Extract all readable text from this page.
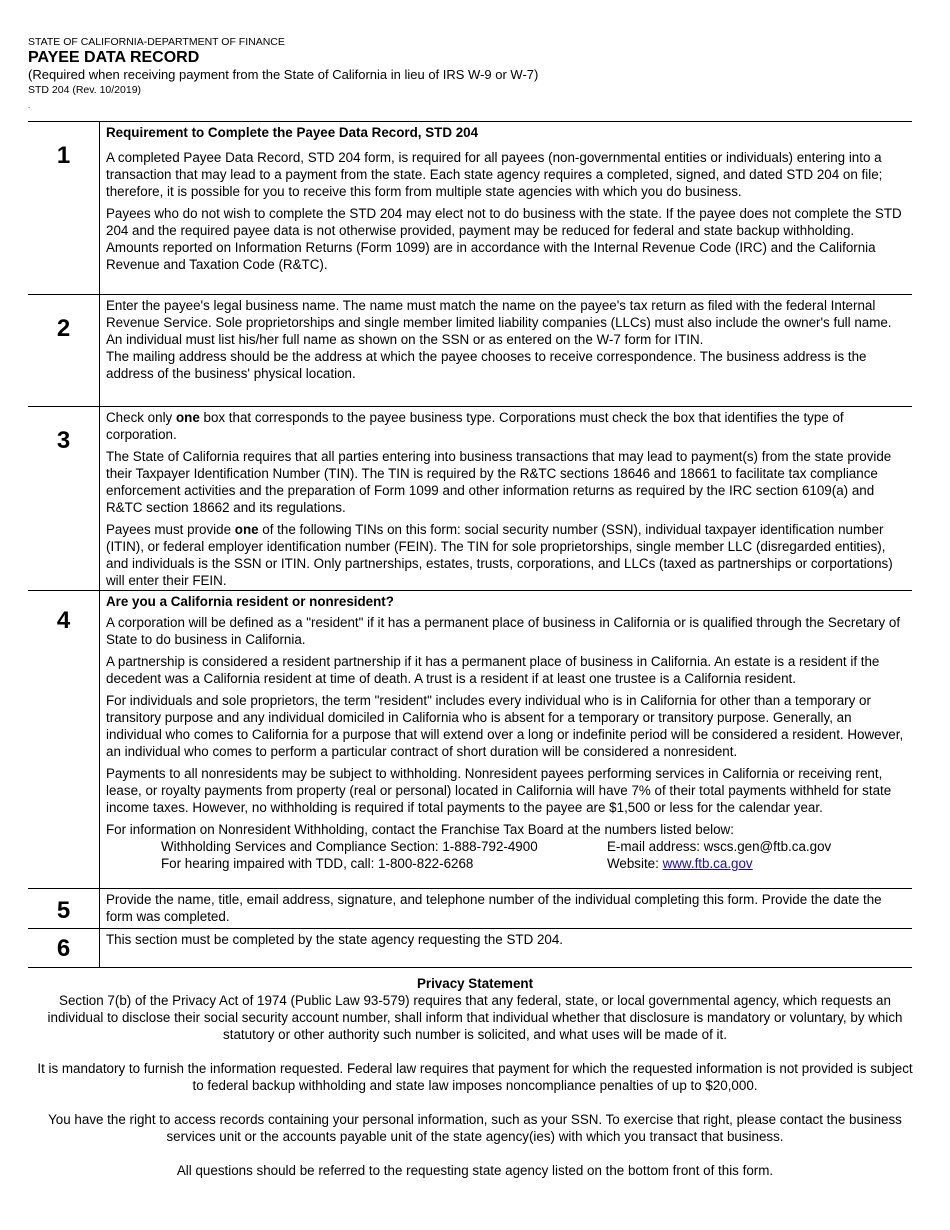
STATE OF CALIFORNIA-DEPARTMENT OF FINANCE
PAYEE DATA RECORD
(Required when receiving payment from the State of California in lieu of IRS W-9 or W-7)
STD 204 (Rev. 10/2019)
.
1

Requirement to Complete the Payee Data Record, STD 204

A completed Payee Data Record, STD 204 form, is required for all payees (non-governmental entities or individuals) entering into a transaction that may lead to a payment from the state. Each state agency requires a completed, signed, and dated STD 204 on file; therefore, it is possible for you to receive this form from multiple state agencies with which you do business.

Payees who do not wish to complete the STD 204 may elect not to do business with the state. If the payee does not complete the STD 204 and the required payee data is not otherwise provided, payment may be reduced for federal and state backup withholding. Amounts reported on Information Returns (Form 1099) are in accordance with the Internal Revenue Code (IRC) and the California Revenue and Taxation Code (R&TC).

2

Enter the payee's legal business name. The name must match the name on the payee's tax return as filed with the federal Internal Revenue Service. Sole proprietorships and single member limited liability companies (LLCs) must also include the owner's full name. An individual must list his/her full name as shown on the SSN or as entered on the W-7 form for ITIN.

The mailing address should be the address at which the payee chooses to receive correspondence. The business address is the address of the business' physical location.

3

Check only one box that corresponds to the payee business type. Corporations must check the box that identifies the type of corporation.

The State of California requires that all parties entering into business transactions that may lead to payment(s) from the state provide their Taxpayer Identification Number (TIN). The TIN is required by the R&TC sections 18646 and 18661 to facilitate tax compliance enforcement activities and the preparation of Form 1099 and other information returns as required by the IRC section 6109(a) and R&TC section 18662 and its regulations.

Payees must provide one of the following TINs on this form: social security number (SSN), individual taxpayer identification number (ITIN), or federal employer identification number (FEIN). The TIN for sole proprietorships, single member LLC (disregarded entities), and individuals is the SSN or ITIN. Only partnerships, estates, trusts, corporations, and LLCs (taxed as partnerships or corportations) will enter their FEIN.

4

Are you a California resident or nonresident?

A corporation will be defined as a "resident" if it has a permanent place of business in California or is qualified through the Secretary of State to do business in California.

A partnership is considered a resident partnership if it has a permanent place of business in California. An estate is a resident if the decedent was a California resident at time of death. A trust is a resident if at least one trustee is a California resident.

For individuals and sole proprietors, the term "resident" includes every individual who is in California for other than a temporary or transitory purpose and any individual domiciled in California who is absent for a temporary or transitory purpose. Generally, an individual who comes to California for a purpose that will extend over a long or indefinite period will be considered a resident. However, an individual who comes to perform a particular contract of short duration will be considered a nonresident.

Payments to all nonresidents may be subject to withholding. Nonresident payees performing services in California or receiving rent, lease, or royalty payments from property (real or personal) located in California will have 7% of their total payments withheld for state income taxes. However, no withholding is required if total payments to the payee are $1,500 or less for the calendar year.

For information on Nonresident Withholding, contact the Franchise Tax Board at the numbers listed below:

Withholding Services and Compliance Section: 1-888-792-4900	E-mail address: wscs.gen@ftb.ca.gov
For hearing impaired with TDD, call: 1-800-822-6268	Website: www.ftb.ca.gov
5	Provide the name, title, email address, signature, and telephone number of the individual completing this form. Provide the date the form was completed.

6	This section must be completed by the state agency requesting the STD 204.

Privacy Statement

Section 7(b) of the Privacy Act of 1974 (Public Law 93-579) requires that any federal, state, or local governmental agency, which requests an individual to disclose their social security account number, shall inform that individual whether that disclosure is mandatory or voluntary, by which statutory or other authority such number is solicited, and what uses will be made of it.

It is mandatory to furnish the information requested. Federal law requires that payment for which the requested information is not provided is subject to federal backup withholding and state law imposes noncompliance penalties of up to $20,000.

You have the right to access records containing your personal information, such as your SSN. To exercise that right, please contact the business services unit or the accounts payable unit of the state agency(ies) with which you transact that business.

All questions should be referred to the requesting state agency listed on the bottom front of this form.
